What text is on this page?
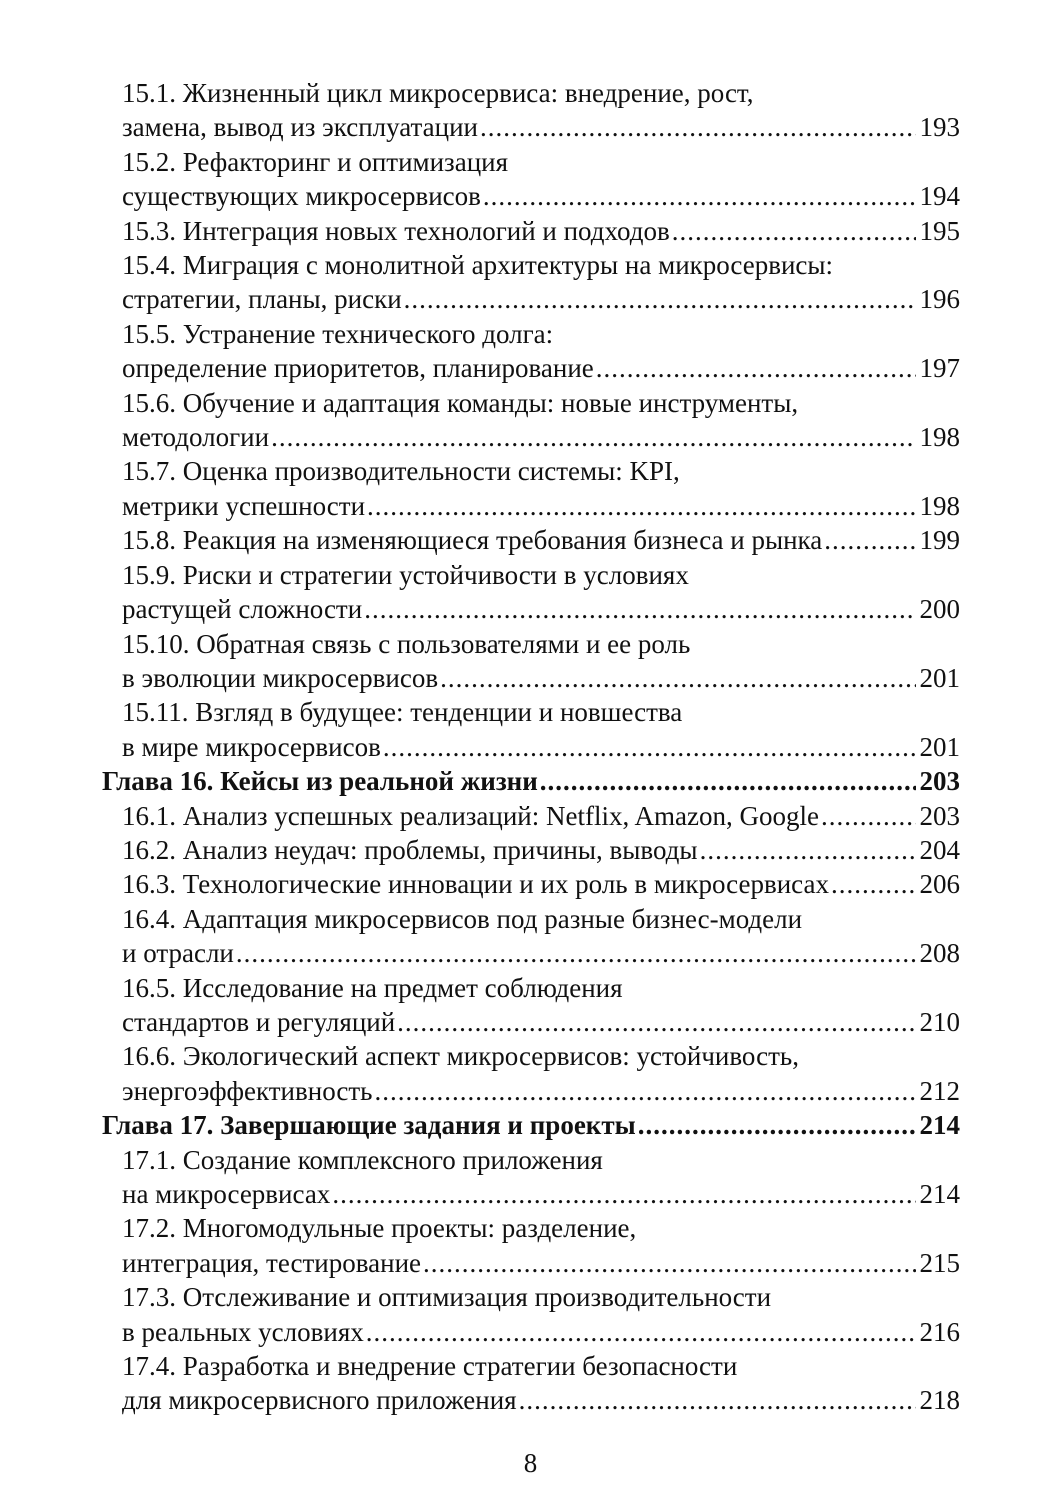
15.1. Жизненный цикл микросервиса: внедрение, рост,
замена, вывод из эксплуатации .....	193
15.2. Рефакторинг и оптимизация
существующих микросервисов .....	194
15.3. Интеграция новых технологий и подходов .....	195
15.4. Миграция с монолитной архитектуры на микросервисы:
стратегии, планы, риски .....	196
15.5. Устранение технического долга:
определение приоритетов, планирование .....	197
15.6. Обучение и адаптация команды: новые инструменты,
методологии .....	198
15.7. Оценка производительности системы: KPI,
метрики успешности .....	198
15.8. Реакция на изменяющиеся требования бизнеса и рынка .....	199
15.9. Риски и стратегии устойчивости в условиях
растущей сложности .....	200
15.10. Обратная связь с пользователями и ее роль
в эволюции микросервисов .....	201
15.11. Взгляд в будущее: тенденции и новшества
в мире микросервисов .....	201
Глава 16. Кейсы из реальной жизни .....	203
16.1. Анализ успешных реализаций: Netflix, Amazon, Google .....	203
16.2. Анализ неудач: проблемы, причины, выводы .....	204
16.3. Технологические инновации и их роль в микросервисах .....	206
16.4. Адаптация микросервисов под разные бизнес-модели
и отрасли .....	208
16.5. Исследование на предмет соблюдения
стандартов и регуляций .....	210
16.6. Экологический аспект микросервисов: устойчивость,
энергоэффективность .....	212
Глава 17. Завершающие задания и проекты .....	214
17.1. Создание комплексного приложения
на микросервисах .....	214
17.2. Многомодульные проекты: разделение,
интеграция, тестирование .....	215
17.3. Отслеживание и оптимизация производительности
в реальных условиях .....	216
17.4. Разработка и внедрение стратегии безопасности
для микросервисного приложения .....	218
8
